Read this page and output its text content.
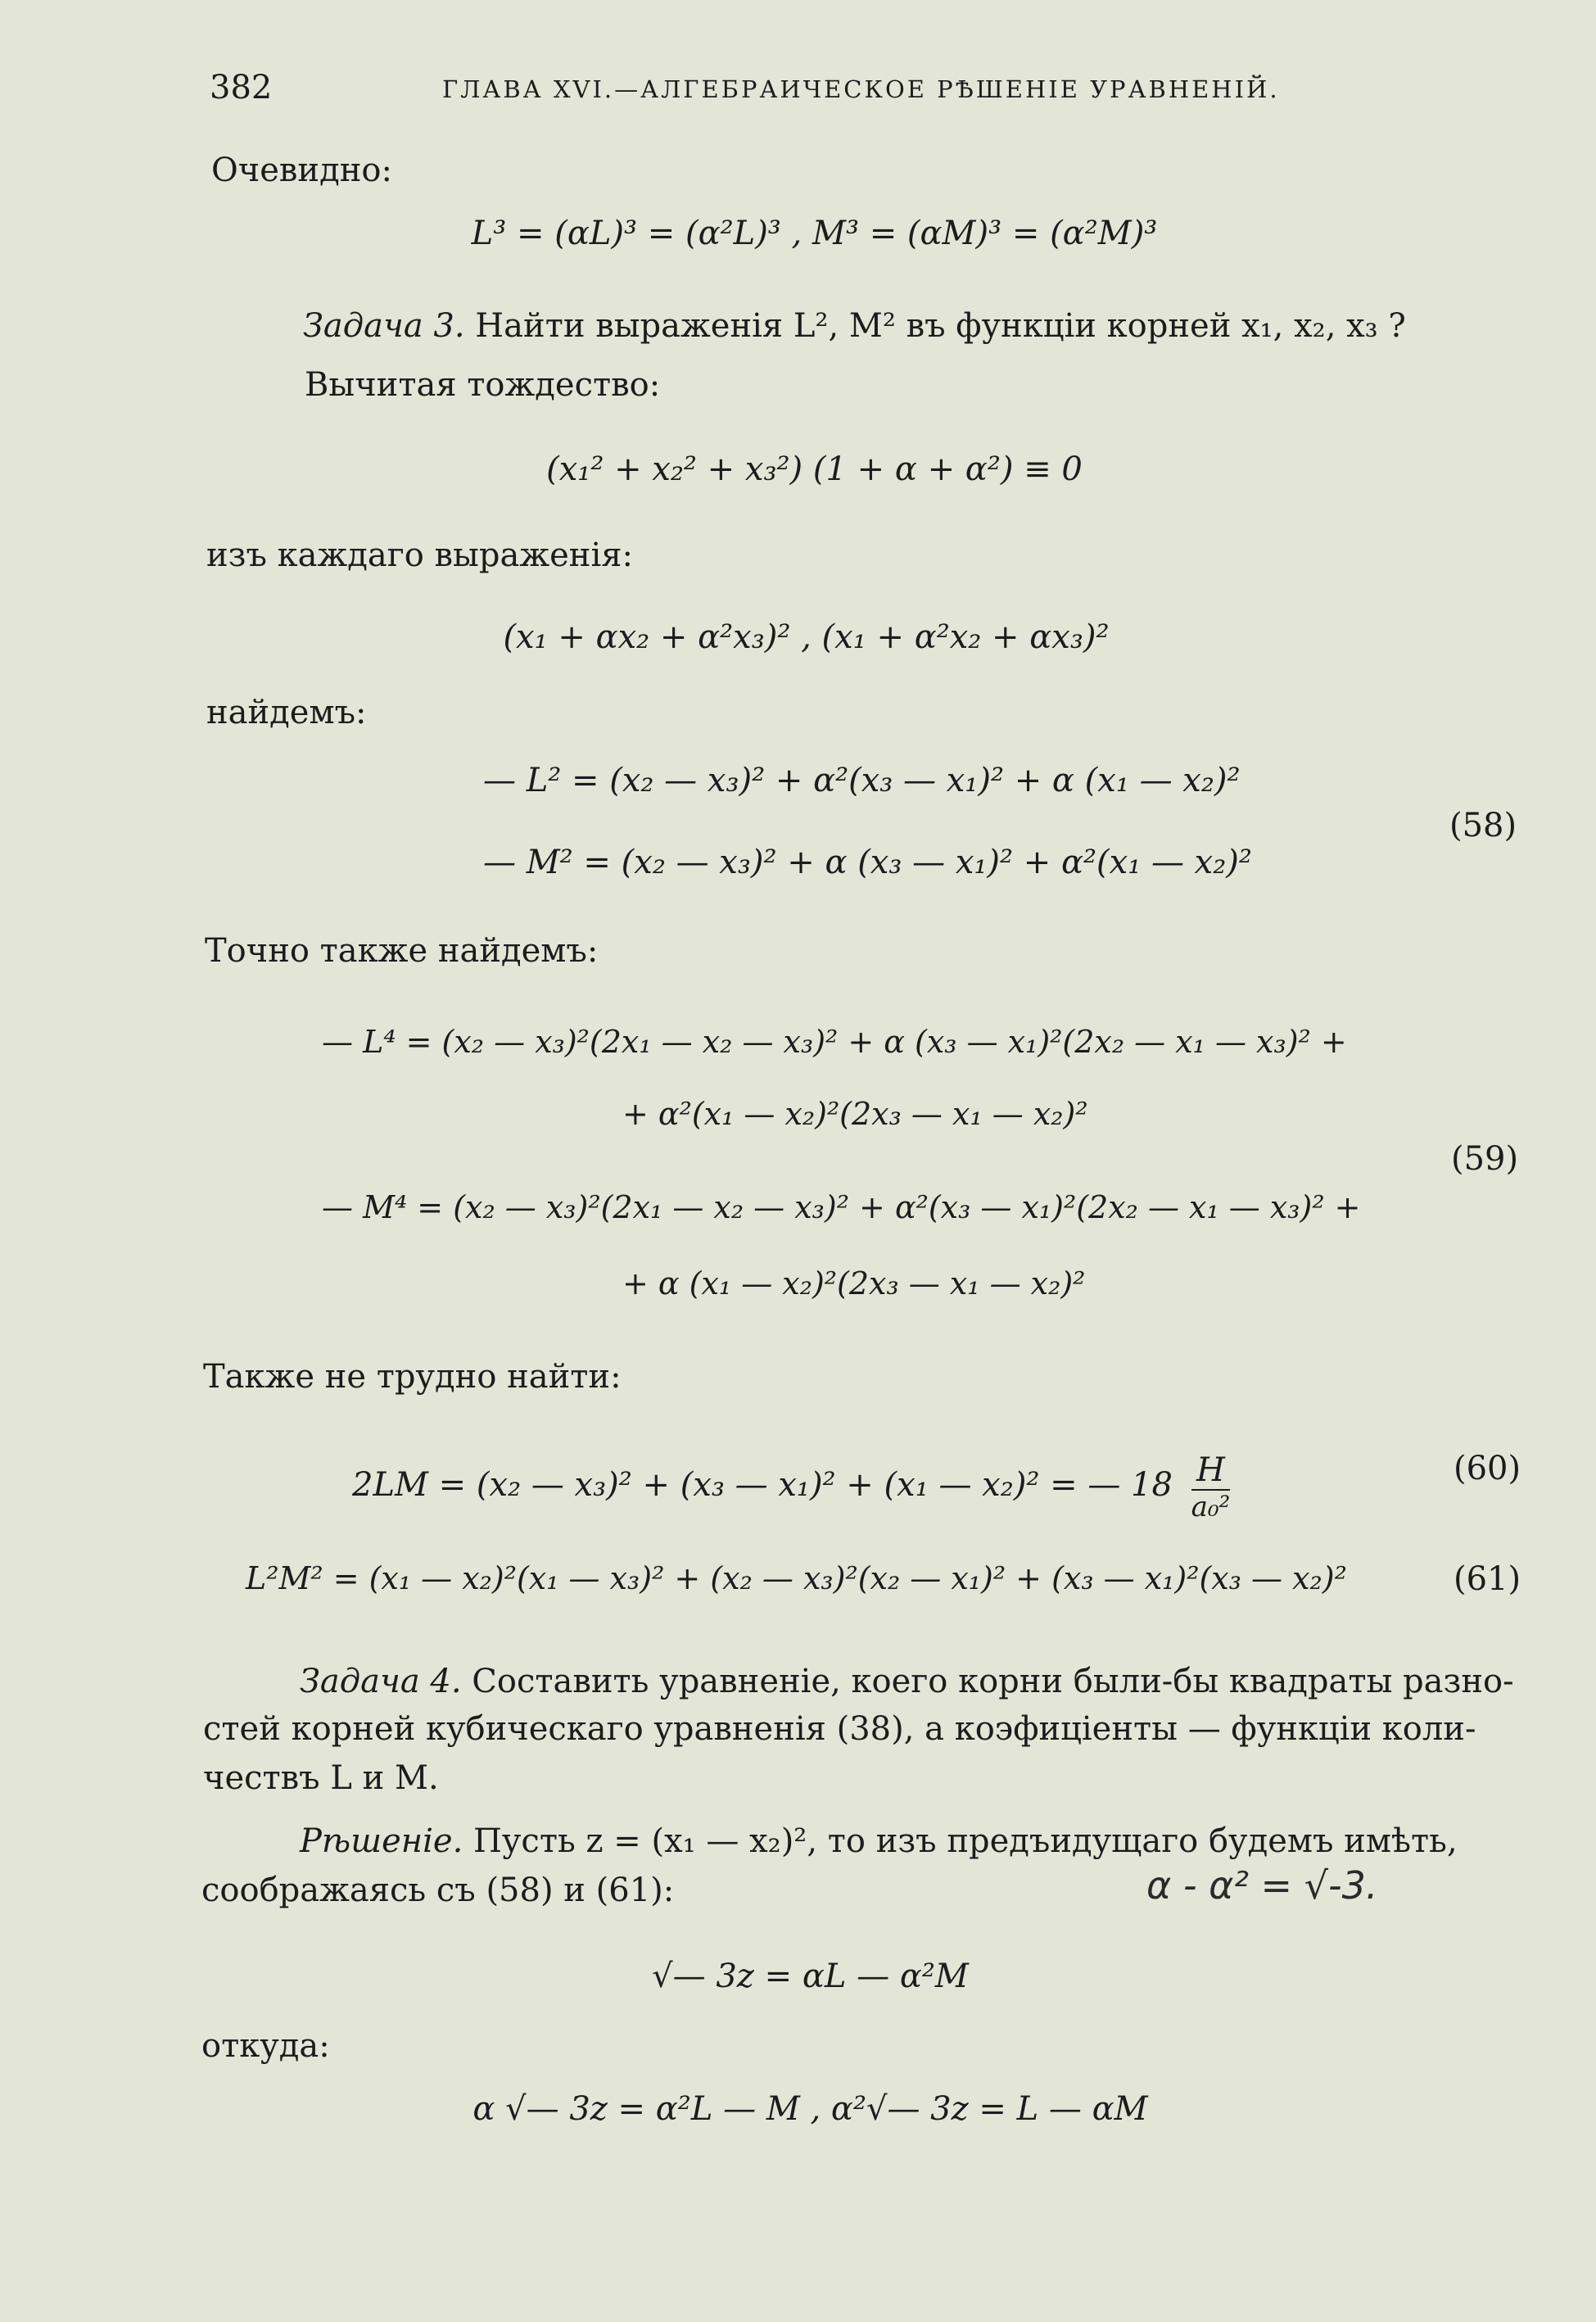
382	ГЛАВА XVI.—АЛГЕБРАИЧЕСКОЕ РѢШЕНІЕ УРАВНЕНІЙ.
Очевидно:
L³ = (αL)³ = (α²L)³ , M³ = (αM)³ = (α²M)³
Задача 3. Найти выраженія L², M² въ функціи корней x₁, x₂, x₃ ?
Вычитая тождество:
(x₁² + x₂² + x₃²) (1 + α + α²) ≡ 0
изъ каждаго выраженія:
(x₁ + αx₂ + α²x₃)² , (x₁ + α²x₂ + αx₃)²
найдемъ:
— L² = (x₂ — x₃)² + α²(x₃ — x₁)² + α (x₁ — x₂)²
— M² = (x₂ — x₃)² + α (x₃ — x₁)² + α²(x₁ — x₂)²
(58)
Точно также найдемъ:
— L⁴ = (x₂ — x₃)²(2x₁ — x₂ — x₃)² + α (x₃ — x₁)²(2x₂ — x₁ — x₃)² +
+ α²(x₁ — x₂)²(2x₃ — x₁ — x₂)²
— M⁴ = (x₂ — x₃)²(2x₁ — x₂ — x₃)² + α²(x₃ — x₁)²(2x₂ — x₁ — x₃)² +
+ α (x₁ — x₂)²(2x₃ — x₁ — x₂)²
(59)
Также не трудно найти:
2LM = (x₂ — x₃)² + (x₃ — x₁)² + (x₁ — x₂)² = — $18 \frac{H}{\text{a₀²}}$	(60)
L²M² = (x₁ — x₂)²(x₁ — x₃)² + (x₂ — x₃)²(x₂ — x₁)² + (x₃ — x₁)²(x₃ — x₂)²	(61)
Задача 4. Составить уравненіе, коего корни были-бы квадраты разно-
стей корней кубическаго уравненія (38), а коэфиціенты — функціи коли-
чествъ L и M.
Рѣшеніе. Пусть z = (x₁ — x₂)², то изъ предъидущаго будемъ имѣть,
соображаясь съ (58) и (61):	α - α² = √-3.
√— 3z = αL — α²M
откуда:
α √— 3z = α²L — M , α²√— 3z = L — αM
